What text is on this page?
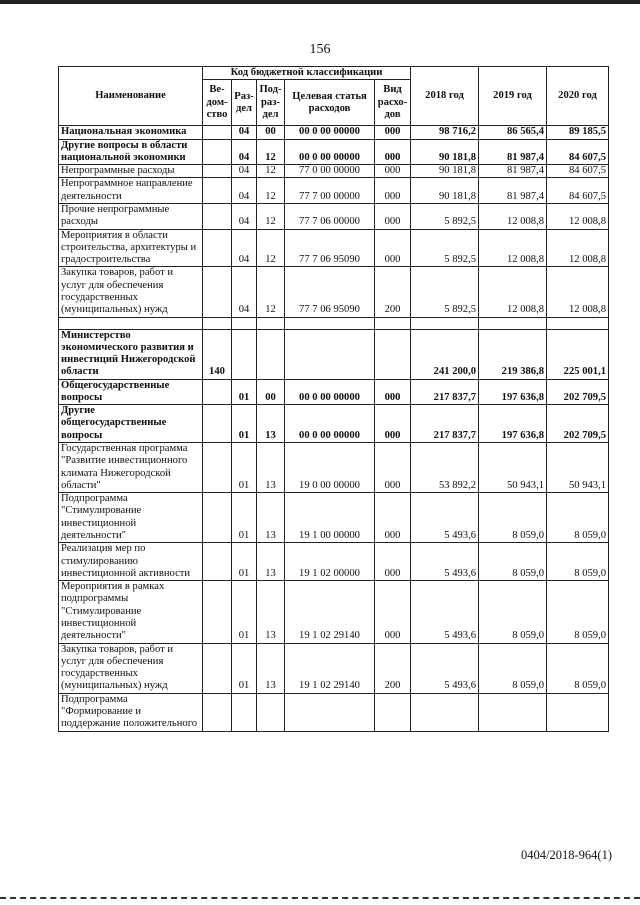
156
Наименование	Код бюджетной классификации					2018 год	2019 год	2020 год
	Ве-дом-ство	Раз-дел	Под-раз-дел	Целевая статья расходов	Вид расхо-дов			
Национальная экономика		04	00	00 0 00 00000	000	98 716,2	86 565,4	89 185,5
Другие вопросы в области национальной экономики		04	12	00 0 00 00000	000	90 181,8	81 987,4	84 607,5
Непрограммные расходы		04	12	77 0 00 00000	000	90 181,8	81 987,4	84 607,5
Непрограммное направление деятельности		04	12	77 7 00 00000	000	90 181,8	81 987,4	84 607,5
Прочие непрограммные расходы		04	12	77 7 06 00000	000	5 892,5	12 008,8	12 008,8
Мероприятия в области строительства, архитектуры и градостроительства		04	12	77 7 06 95090	000	5 892,5	12 008,8	12 008,8
Закупка товаров, работ и услуг для обеспечения государственных (муниципальных) нужд		04	12	77 7 06 95090	200	5 892,5	12 008,8	12 008,8

Министерство экономического развития и инвестиций Нижегородской области	140					241 200,0	219 386,8	225 001,1
Общегосударственные вопросы		01	00	00 0 00 00000	000	217 837,7	197 636,8	202 709,5
Другие общегосударственные вопросы		01	13	00 0 00 00000	000	217 837,7	197 636,8	202 709,5
Государственная программа "Развитие инвестиционного климата Нижегородской области"		01	13	19 0 00 00000	000	53 892,2	50 943,1	50 943,1
Подпрограмма "Стимулирование инвестиционной деятельности"		01	13	19 1 00 00000	000	5 493,6	8 059,0	8 059,0
Реализация мер по стимулированию инвестиционной активности		01	13	19 1 02 00000	000	5 493,6	8 059,0	8 059,0
Мероприятия в рамках подпрограммы "Стимулирование инвестиционной деятельности"		01	13	19 1 02 29140	000	5 493,6	8 059,0	8 059,0
Закупка товаров, работ и услуг для обеспечения государственных (муниципальных) нужд		01	13	19 1 02 29140	200	5 493,6	8 059,0	8 059,0
Подпрограмма "Формирование и поддержание положительного								
0404/2018-964(1)
